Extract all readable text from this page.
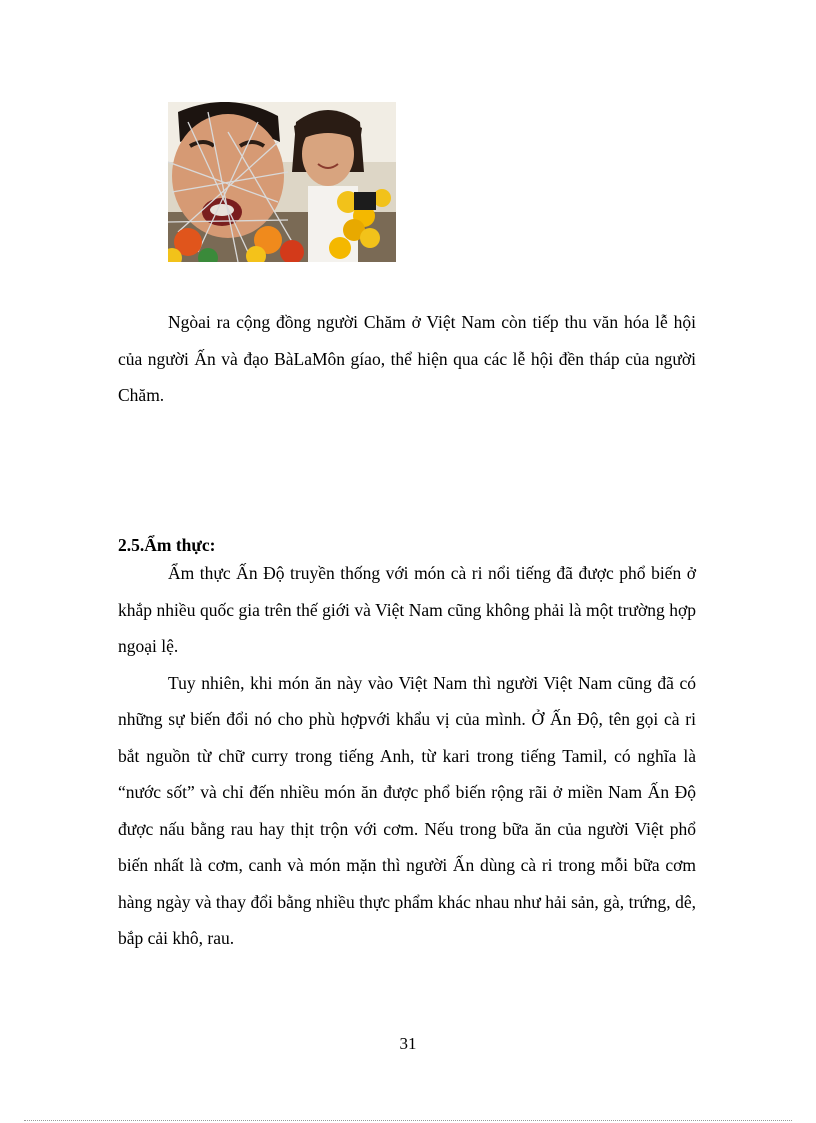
Ngòai ra cộng đồng người Chăm ở Việt Nam còn tiếp thu văn hóa lễ hội của người Ấn và đạo BàLaMôn gíao, thể hiện qua các lễ hội đền tháp của người Chăm.

2.5.Ẩm thực:

Ẩm thực Ấn Độ truyền thống với món cà ri nổi tiếng đã được phổ biến ở khắp nhiều quốc gia trên thế giới và Việt Nam cũng không phải là một trường hợp ngoại lệ.

Tuy nhiên, khi món ăn này vào Việt Nam thì người Việt Nam cũng đã có những sự biến đổi nó cho phù hợpvới khẩu vị của mình. Ở Ấn Độ, tên gọi cà ri bắt nguồn từ chữ curry trong tiếng Anh, từ kari trong tiếng Tamil, có nghĩa là “nước sốt” và chỉ đến nhiều món ăn được phổ biến rộng rãi ở miền Nam Ấn Độ được nấu bằng rau hay thịt trộn với cơm. Nếu trong bữa ăn của người Việt phổ biến nhất là cơm, canh và món mặn thì người Ấn dùng cà ri trong mỗi bữa cơm hàng ngày và thay đổi bằng nhiều thực phẩm khác nhau như hải sản, gà, trứng, dê, bắp cải khô, rau.

31
